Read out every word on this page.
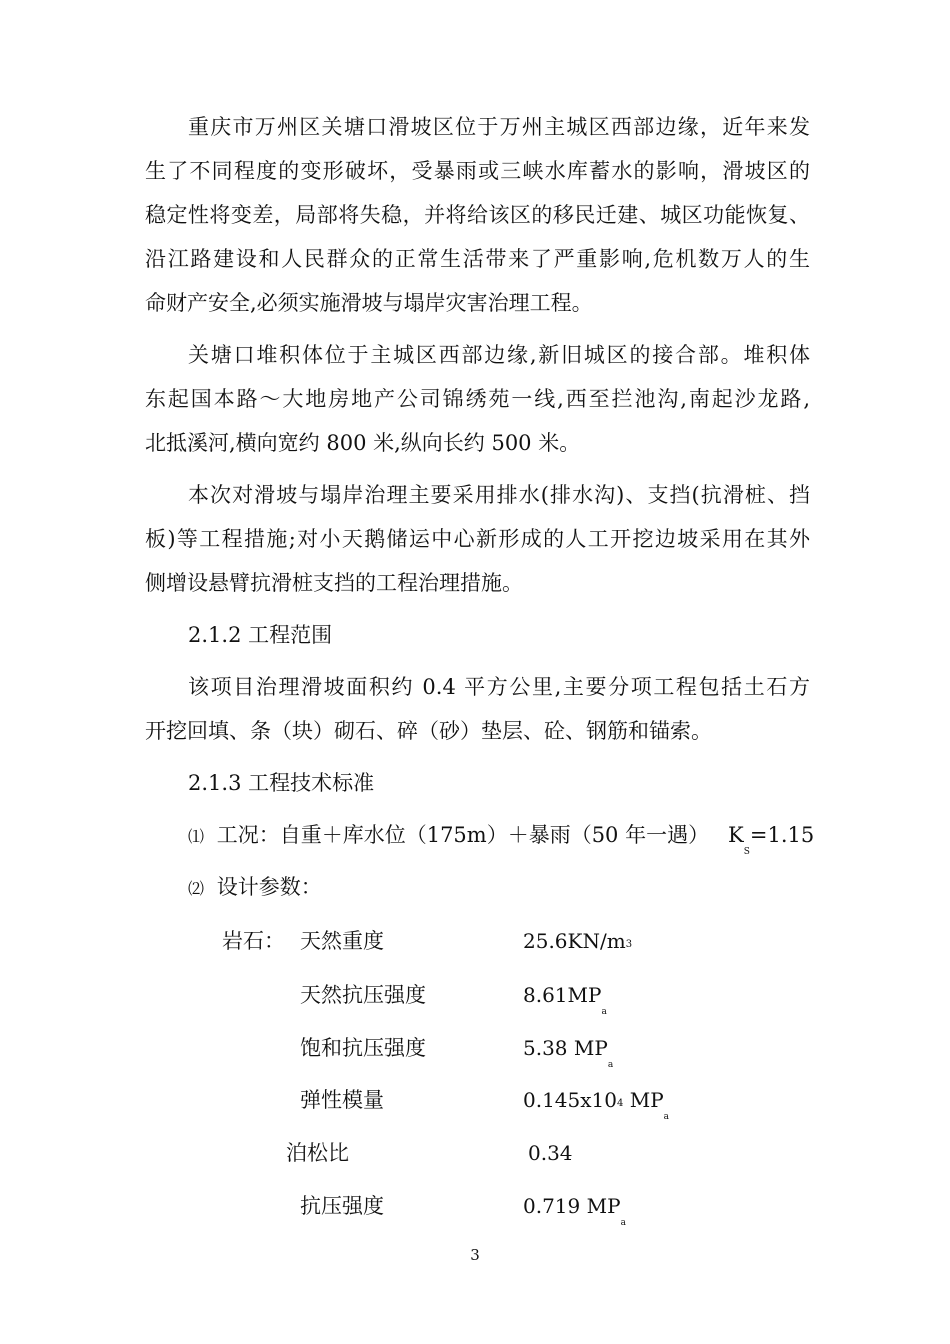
重庆市万州区关塘口滑坡区位于万州主城区西部边缘，近年来发

生了不同程度的变形破坏，受暴雨或三峡水库蓄水的影响，滑坡区的

稳定性将变差，局部将失稳，并将给该区的移民迁建、城区功能恢复、

沿江路建设和人民群众的正常生活带来了严重影响,危机数万人的生

命财产安全,必须实施滑坡与塌岸灾害治理工程。

关塘口堆积体位于主城区西部边缘,新旧城区的接合部。堆积体

东起国本路～大地房地产公司锦绣苑一线,西至拦池沟,南起沙龙路,

北抵溪河,横向宽约 800 米,纵向长约 500 米。

本次对滑坡与塌岸治理主要采用排水(排水沟)、支挡(抗滑桩、挡

板)等工程措施;对小天鹅储运中心新形成的人工开挖边坡采用在其外

侧增设悬臂抗滑桩支挡的工程治理措施。

2.1.2 工程范围

该项目治理滑坡面积约 0.4 平方公里,主要分项工程包括土石方

开挖回填、条（块）砌石、碎（砂）垫层、砼、钢筋和锚索。

2.1.3 工程技术标准

⑴ 工况：自重＋库水位（175m）＋暴雨（50 年一遇） $K_S=1.15$
⑵ 设计参数：
岩石： 天然重度	25.6KN/m3
天然抗压强度	$8.61MP_a$
饱和抗压强度	5.38 $MP_a$
弹性模量	0.145x104 $MP_a$
泊松比	0.34
抗压强度	0.719 $MP_a$
3
